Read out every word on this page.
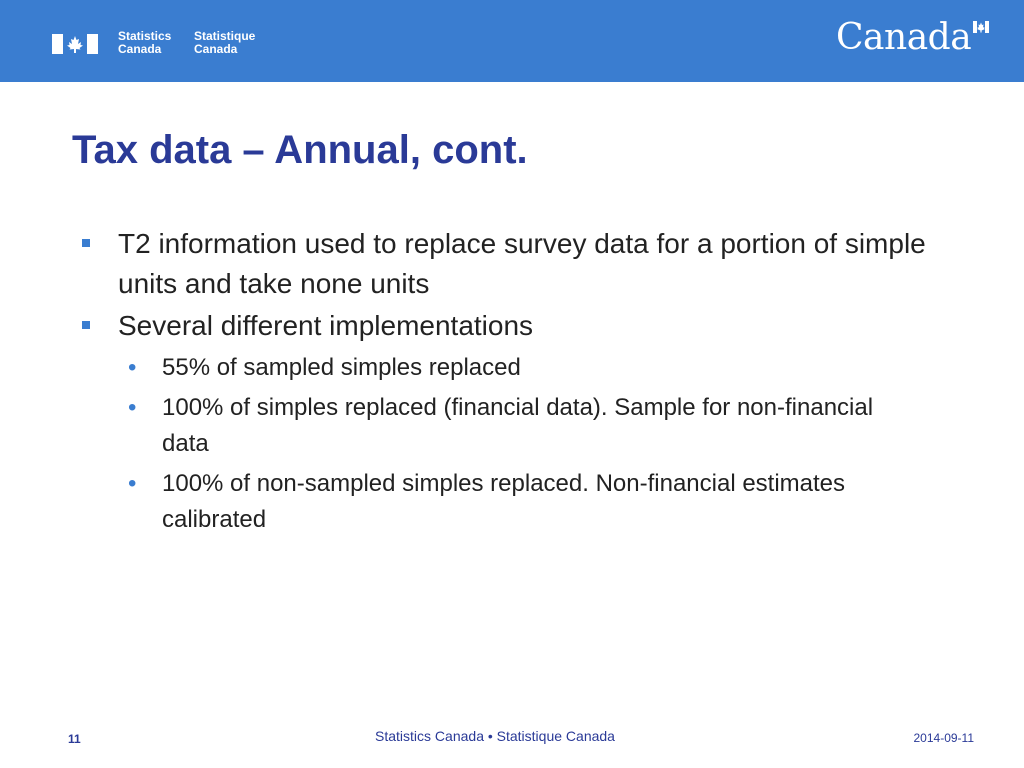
Statistics
Canada
Statistique
Canada	Canada
Tax data – Annual, cont.
T2 information used to replace survey data for a portion of simple units and take none units
Several different implementations
• 55% of sampled simples replaced
• 100% of simples replaced (financial data). Sample for non-financial data
• 100% of non-sampled simples replaced. Non-financial estimates calibrated
11	Statistics Canada • Statistique Canada	2014-09-11
